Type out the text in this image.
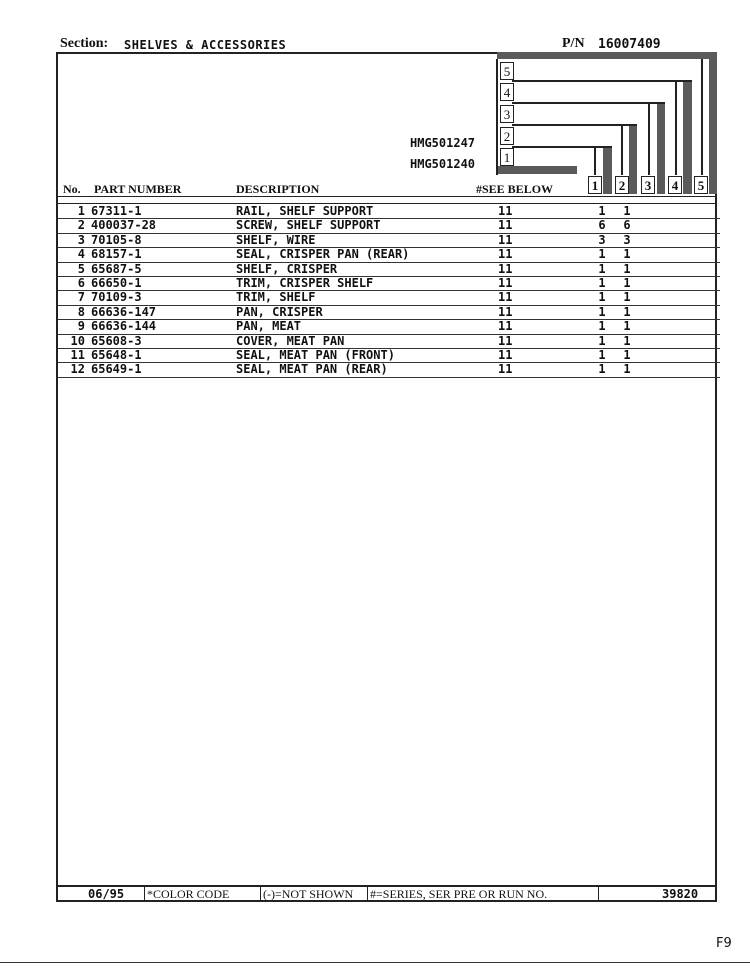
Section: SHELVES & ACCESSORIES	P/N 16007409
5
4
3
2
1
HMG501247
HMG501240
No. PART NUMBER	DESCRIPTION	#SEE BELOW	1 2 3 4 5
1 67311-1	RAIL, SHELF SUPPORT	11	1 1
2 400037-28	SCREW, SHELF SUPPORT	11	6 6
3 70105-8	SHELF, WIRE	11	3 3
4 68157-1	SEAL, CRISPER PAN (REAR)	11	1 1
5 65687-5	SHELF, CRISPER	11	1 1
6 66650-1	TRIM, CRISPER SHELF	11	1 1
7 70109-3	TRIM, SHELF	11	1 1
8 66636-147	PAN, CRISPER	11	1 1
9 66636-144	PAN, MEAT	11	1 1
10 65608-3	COVER, MEAT PAN	11	1 1
11 65648-1	SEAL, MEAT PAN (FRONT)	11	1 1
12 65649-1	SEAL, MEAT PAN (REAR)	11	1 1
06/95 *COLOR CODE	(-)=NOT SHOWN #=SERIES, SER PRE OR RUN NO.	39820
F9
